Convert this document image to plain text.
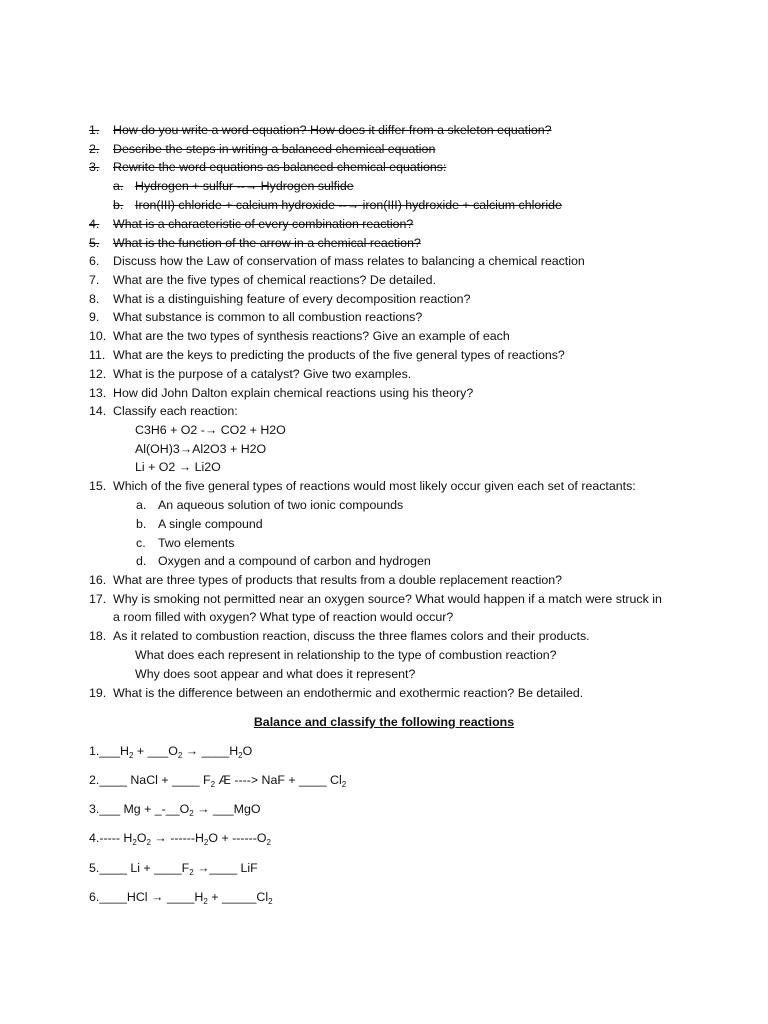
1. How do you write a word equation? How does it differ from a skeleton equation?
2. Describe the steps in writing a balanced chemical equation
3. Rewrite the word equations as balanced chemical equations:
a. Hydrogen + sulfur --→ Hydrogen sulfide
b. Iron(III) chloride + calcium hydroxide --→ iron(III) hydroxide + calcium chloride
4. What is a characteristic of every combination reaction?
5. What is the function of the arrow in a chemical reaction?
6. Discuss how the Law of conservation of mass relates to balancing a chemical reaction
7. What are the five types of chemical reactions? De detailed.
8. What is a distinguishing feature of every decomposition reaction?
9. What substance is common to all combustion reactions?
10. What are the two types of synthesis reactions? Give an example of each
11. What are the keys to predicting the products of the five general types of reactions?
12. What is the purpose of a catalyst? Give two examples.
13. How did John Dalton explain chemical reactions using his theory?
14. Classify each reaction:
C3H6 + O2 -→ CO2 + H2O
Al(OH)3→Al2O3 + H2O
Li + O2 → Li2O
15. Which of the five general types of reactions would most likely occur given each set of reactants:
a. An aqueous solution of two ionic compounds
b. A single compound
c. Two elements
d. Oxygen and a compound of carbon and hydrogen
16. What are three types of products that results from a double replacement reaction?
17. Why is smoking not permitted near an oxygen source? What would happen if a match were struck in
a room filled with oxygen? What type of reaction would occur?
18. As it related to combustion reaction, discuss the three flames colors and their products.
What does each represent in relationship to the type of combustion reaction?
Why does soot appear and what does it represent?
19. What is the difference between an endothermic and exothermic reaction? Be detailed.
Balance and classify the following reactions
$1.\_\_\_H_2$ + $\_\_\_O_2$ → $\_\_\_\_H_2O$
2.____ NaCl + ____ $F_2$ Æ ----> NaF + ____ $Cl_2$
3.___ $Mg + \_-\_\_O_2$ → ___MgO
4.----- $H_2O_2 \to ------H_2O + ------O_2$
5.____ $Li + \_\_\_\_F_2$ →____ LiF
6.____HCl → $\_\_\_\_H_2$ + $\_\_\_\_\_Cl_2$
